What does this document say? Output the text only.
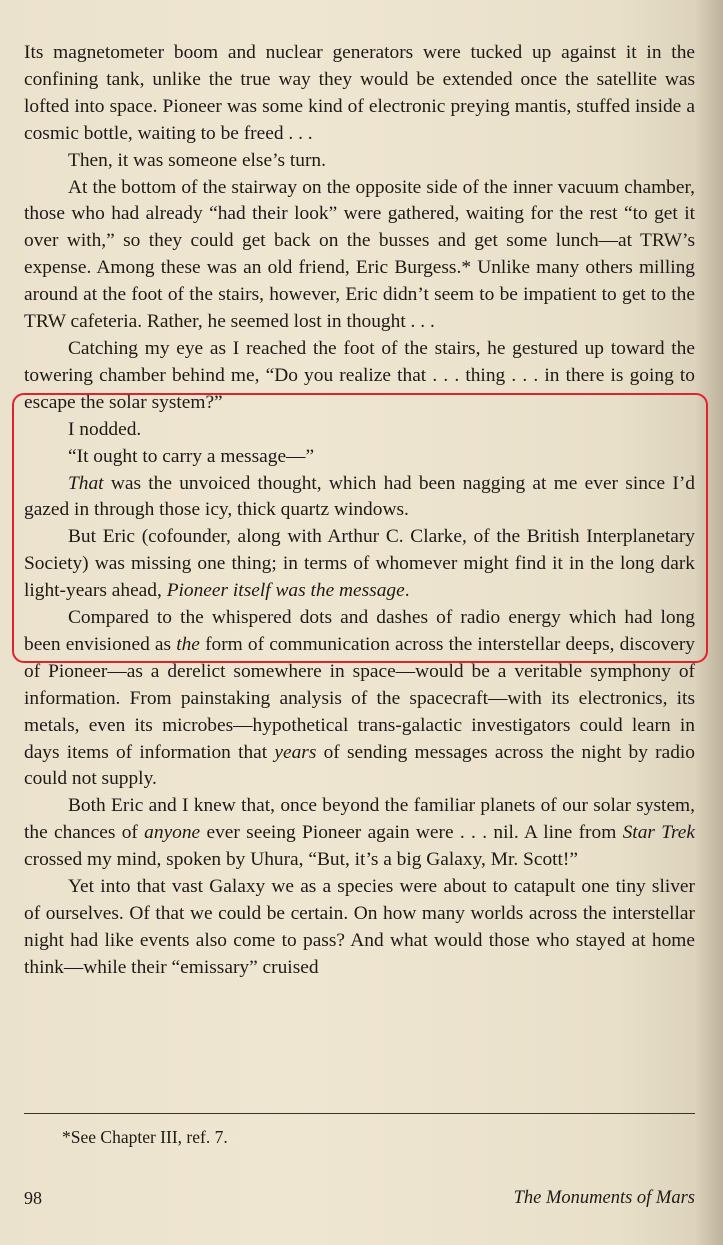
Its magnetometer boom and nuclear generators were tucked up against it in the confining tank, unlike the true way they would be extended once the satellite was lofted into space. Pioneer was some kind of electronic preying mantis, stuffed inside a cosmic bottle, waiting to be freed . . .

Then, it was someone else’s turn.

At the bottom of the stairway on the opposite side of the inner vacuum chamber, those who had already “had their look” were gathered, waiting for the rest “to get it over with,” so they could get back on the busses and get some lunch—at TRW’s expense. Among these was an old friend, Eric Burgess.* Unlike many others milling around at the foot of the stairs, however, Eric didn’t seem to be impatient to get to the TRW cafeteria. Rather, he seemed lost in thought . . .

Catching my eye as I reached the foot of the stairs, he gestured up toward the towering chamber behind me, “Do you realize that . . . thing . . . in there is going to escape the solar system?”

I nodded.

“It ought to carry a message—”

That was the unvoiced thought, which had been nagging at me ever since I’d gazed in through those icy, thick quartz windows.

But Eric (cofounder, along with Arthur C. Clarke, of the British Interplanetary Society) was missing one thing; in terms of whomever might find it in the long dark light-years ahead, Pioneer itself was the message.

Compared to the whispered dots and dashes of radio energy which had long been envisioned as the form of communication across the interstellar deeps, discovery of Pioneer—as a derelict somewhere in space—would be a veritable symphony of information. From painstaking analysis of the spacecraft—with its electronics, its metals, even its microbes—hypothetical trans-galactic investigators could learn in days items of information that years of sending messages across the night by radio could not supply.

Both Eric and I knew that, once beyond the familiar planets of our solar system, the chances of anyone ever seeing Pioneer again were . . . nil. A line from Star Trek crossed my mind, spoken by Uhura, “But, it’s a big Galaxy, Mr. Scott!”

Yet into that vast Galaxy we as a species were about to catapult one tiny sliver of ourselves. Of that we could be certain. On how many worlds across the interstellar night had like events also come to pass? And what would those who stayed at home think—while their “emissary” cruised

*See Chapter III, ref. 7.
98	The Monuments of Mars
